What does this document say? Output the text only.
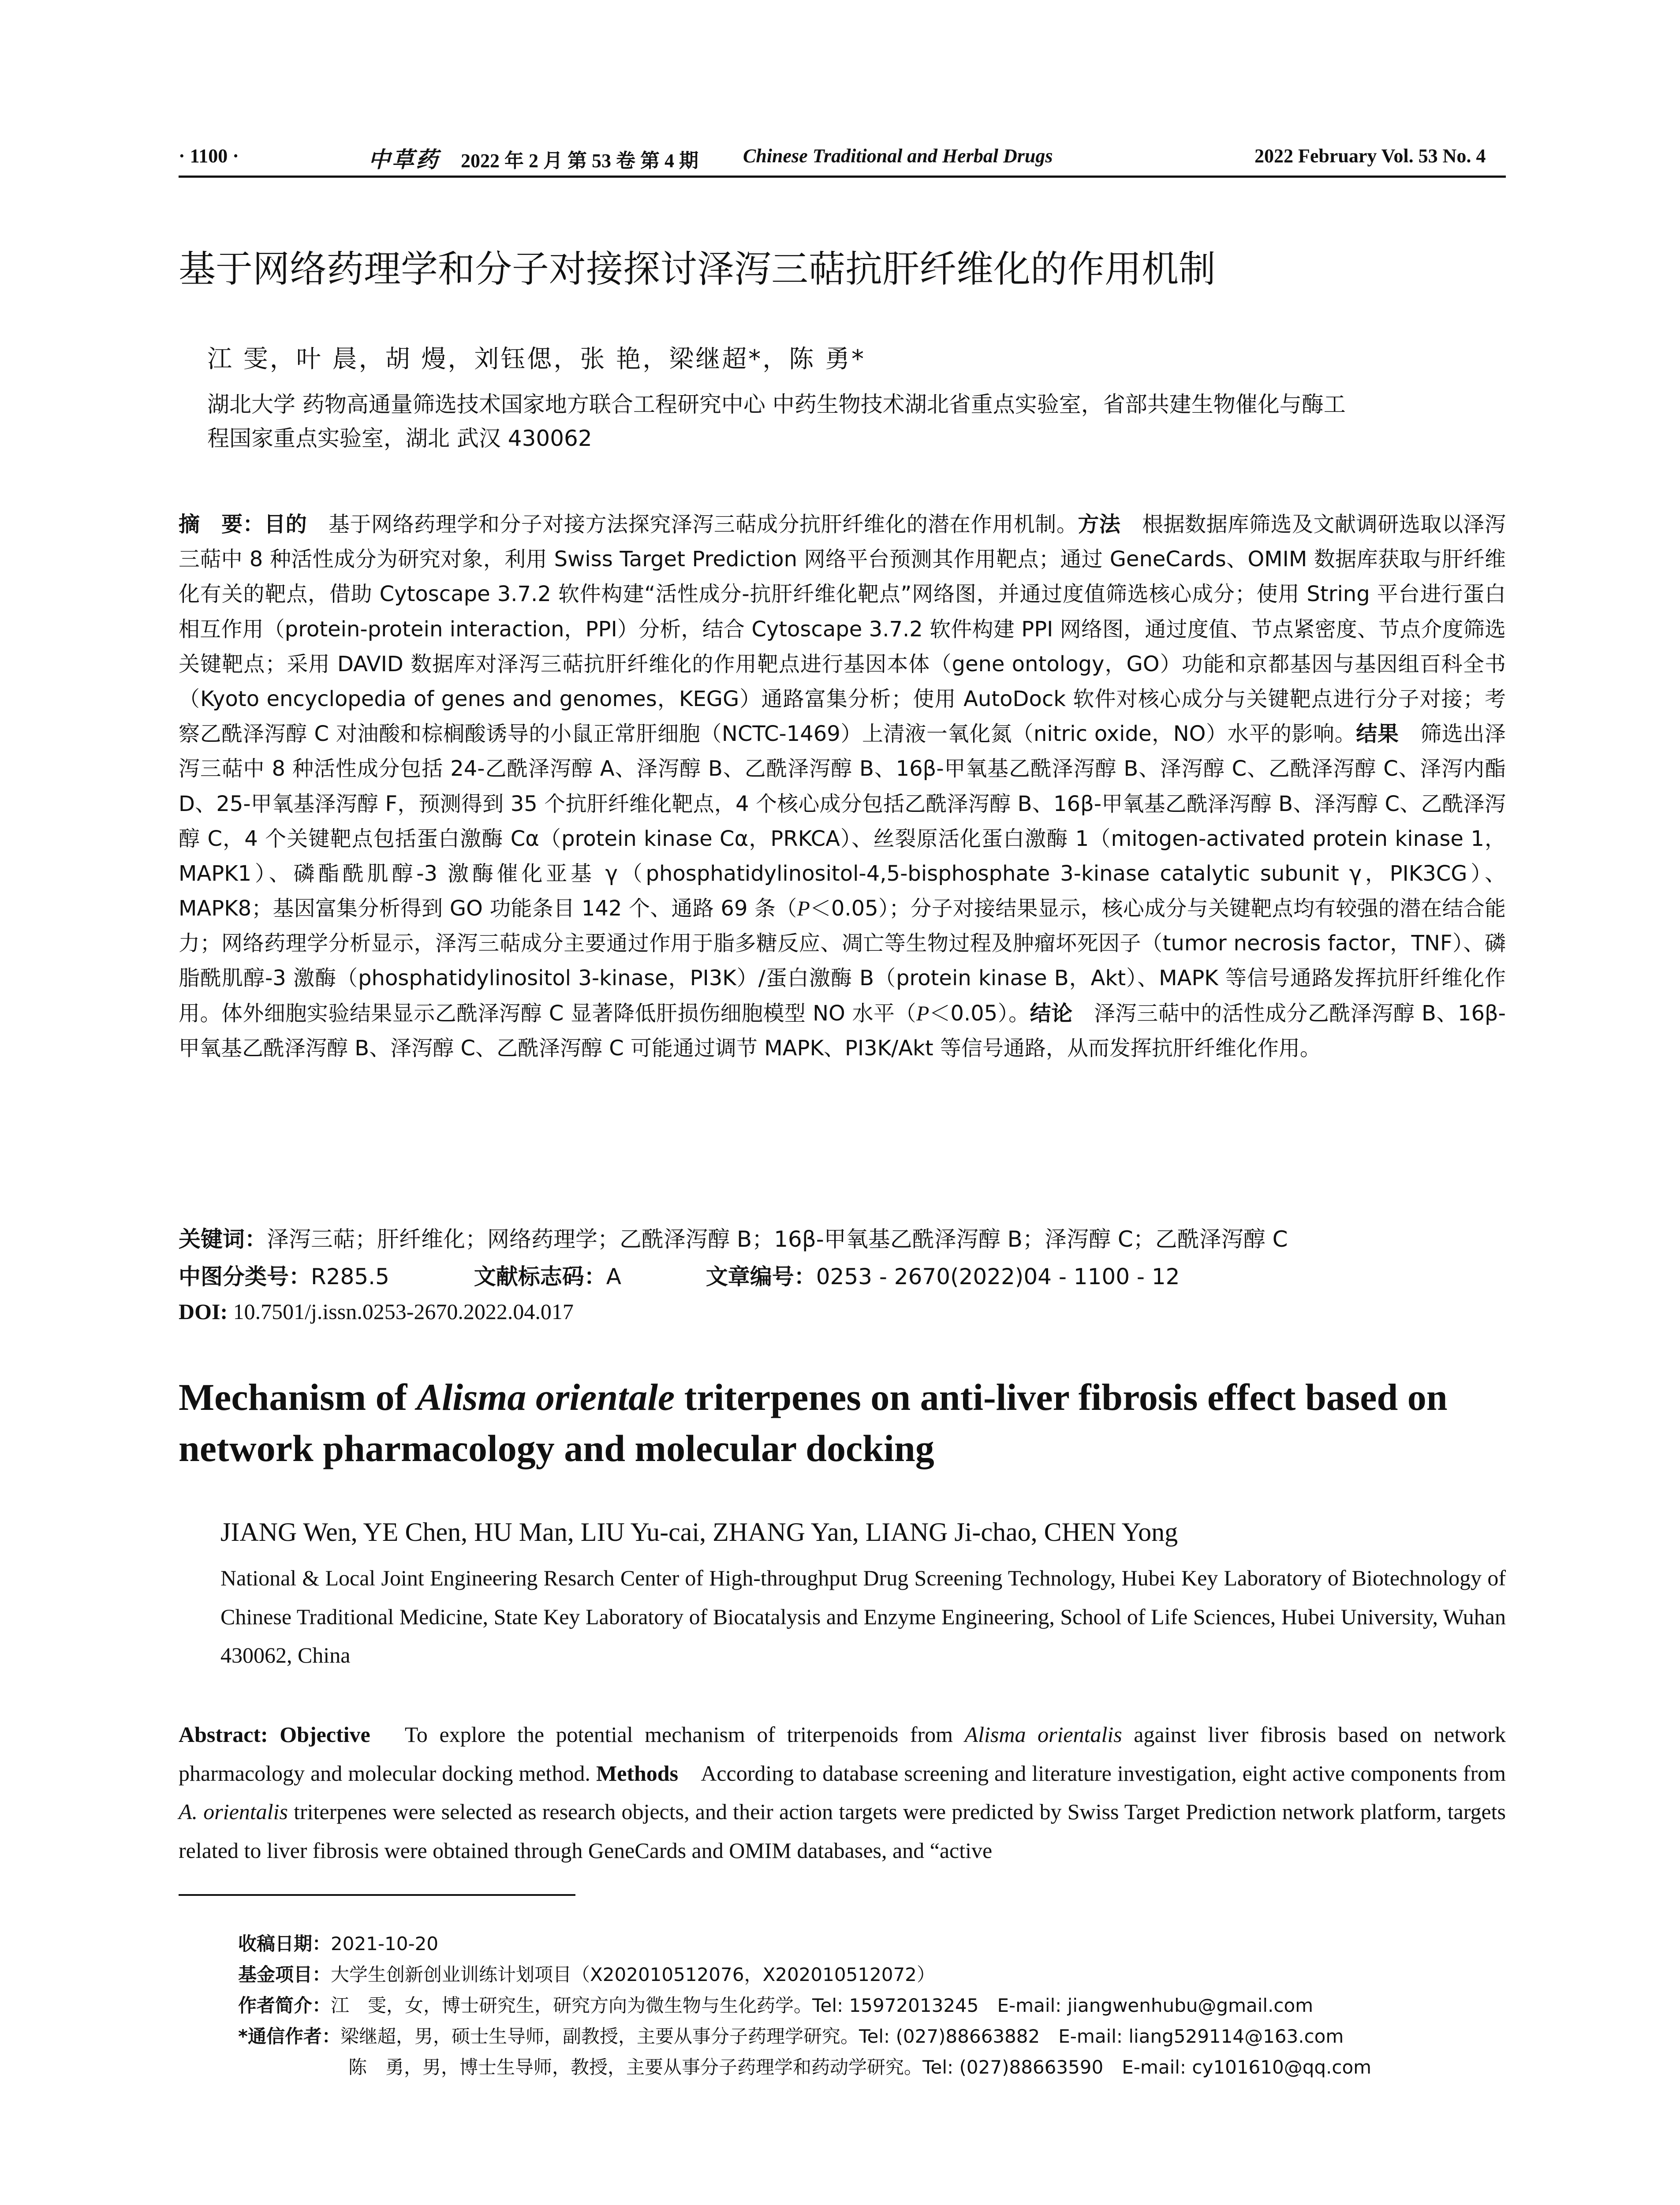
· 1100 ·	中草药 2022 年 2 月 第 53 卷 第 4 期 Chinese Traditional and Herbal Drugs	2022 February Vol. 53 No. 4
基于网络药理学和分子对接探讨泽泻三萜抗肝纤维化的作用机制
江 雯，叶 晨，胡 熳，刘钰偲，张 艳，梁继超*，陈 勇*
湖北大学 药物高通量筛选技术国家地方联合工程研究中心 中药生物技术湖北省重点实验室，省部共建生物催化与酶工
程国家重点实验室，湖北 武汉 430062
摘　要：目的　 基于网络药理学和分子对接方法探究泽泻三萜成分抗肝纤维化的潜在作用机制。方法　 根据数据库筛选及文献调研选取以泽泻三萜中 8 种活性成分为研究对象，利用 Swiss Target Prediction 网络平台预测其作用靶点；通过 GeneCards、OMIM 数据库获取与肝纤维化有关的靶点，借助 Cytoscape 3.7.2 软件构建“活性成分-抗肝纤维化靶点”网络图，并通过度值筛选核心成分；使用 String 平台进行蛋白相互作用（protein-protein interaction，PPI）分析，结合 Cytoscape 3.7.2 软件构建 PPI 网络图，通过度值、节点紧密度、节点介度筛选关键靶点；采用 DAVID 数据库对泽泻三萜抗肝纤维化的作用靶点进行基因本体（gene ontology，GO）功能和京都基因与基因组百科全书（Kyoto encyclopedia of genes and genomes，KEGG）通路富集分析；使用 AutoDock 软件对核心成分与关键靶点进行分子对接；考察乙酰泽泻醇 C 对油酸和棕榈酸诱导的小鼠正常肝细胞（NCTC-1469）上清液一氧化氮（nitric oxide，NO）水平的影响。结果　 筛选出泽泻三萜中 8 种活性成分包括 24-乙酰泽泻醇 A、泽泻醇 B、乙酰泽泻醇 B、16β-甲氧基乙酰泽泻醇 B、泽泻醇 C、乙酰泽泻醇 C、泽泻内酯 D、25-甲氧基泽泻醇 F，预测得到 35 个抗肝纤维化靶点，4 个核心成分包括乙酰泽泻醇 B、16β-甲氧基乙酰泽泻醇 B、泽泻醇 C、乙酰泽泻醇 C，4 个关键靶点包括蛋白激酶 Cα（protein kinase Cα，PRKCA）、丝裂原活化蛋白激酶 1（mitogen-activated protein kinase 1，MAPK1）、磷酯酰肌醇-3 激酶催化亚基 γ（phosphatidylinositol-4,5-bisphosphate 3-kinase catalytic subunit γ，PIK3CG）、MAPK8；基因富集分析得到 GO 功能条目 142 个、通路 69 条（P＜0.05）；分子对接结果显示，核心成分与关键靶点均有较强的潜在结合能力；网络药理学分析显示，泽泻三萜成分主要通过作用于脂多糖反应、凋亡等生物过程及肿瘤坏死因子（tumor necrosis factor，TNF）、磷脂酰肌醇-3 激酶（phosphatidylinositol 3-kinase，PI3K）/蛋白激酶 B（protein kinase B，Akt）、MAPK 等信号通路发挥抗肝纤维化作用。体外细胞实验结果显示乙酰泽泻醇 C 显著降低肝损伤细胞模型 NO 水平（P＜0.05）。结论　 泽泻三萜中的活性成分乙酰泽泻醇 B、16β-甲氧基乙酰泽泻醇 B、泽泻醇 C、乙酰泽泻醇 C 可能通过调节 MAPK、PI3K/Akt 等信号通路，从而发挥抗肝纤维化作用。
关键词：泽泻三萜；肝纤维化；网络药理学；乙酰泽泻醇 B；16β-甲氧基乙酰泽泻醇 B；泽泻醇 C；乙酰泽泻醇 C
中图分类号：R285.5	文献标志码：A	文章编号：0253 - 2670(2022)04 - 1100 - 12
DOI: 10.7501/j.issn.0253-2670.2022.04.017
Mechanism of Alisma orientale triterpenes on anti-liver fibrosis effect based on network pharmacology and molecular docking
JIANG Wen, YE Chen, HU Man, LIU Yu-cai, ZHANG Yan, LIANG Ji-chao, CHEN Yong
National & Local Joint Engineering Resarch Center of High-throughput Drug Screening Technology, Hubei Key Laboratory of Biotechnology of Chinese Traditional Medicine, State Key Laboratory of Biocatalysis and Enzyme Engineering, School of Life Sciences, Hubei University, Wuhan 430062, China
Abstract: Objective　 To explore the potential mechanism of triterpenoids from Alisma orientalis against liver fibrosis based on network pharmacology and molecular docking method. Methods　 According to database screening and literature investigation, eight active components from A. orientalis triterpenes were selected as research objects, and their action targets were predicted by Swiss Target Prediction network platform, targets related to liver fibrosis were obtained through GeneCards and OMIM databases, and “active
收稿日期：2021-10-20
基金项目：大学生创新创业训练计划项目（X202010512076，X202010512072）
作者简介：江　雯，女，博士研究生，研究方向为微生物与生化药学。Tel: 15972013245　E-mail: jiangwenhubu@gmail.com
*通信作者：梁继超，男，硕士生导师，副教授，主要从事分子药理学研究。Tel: (027)88663882　E-mail: liang529114@163.com
陈　勇，男，博士生导师，教授，主要从事分子药理学和药动学研究。Tel: (027)88663590　E-mail: cy101610@qq.com
